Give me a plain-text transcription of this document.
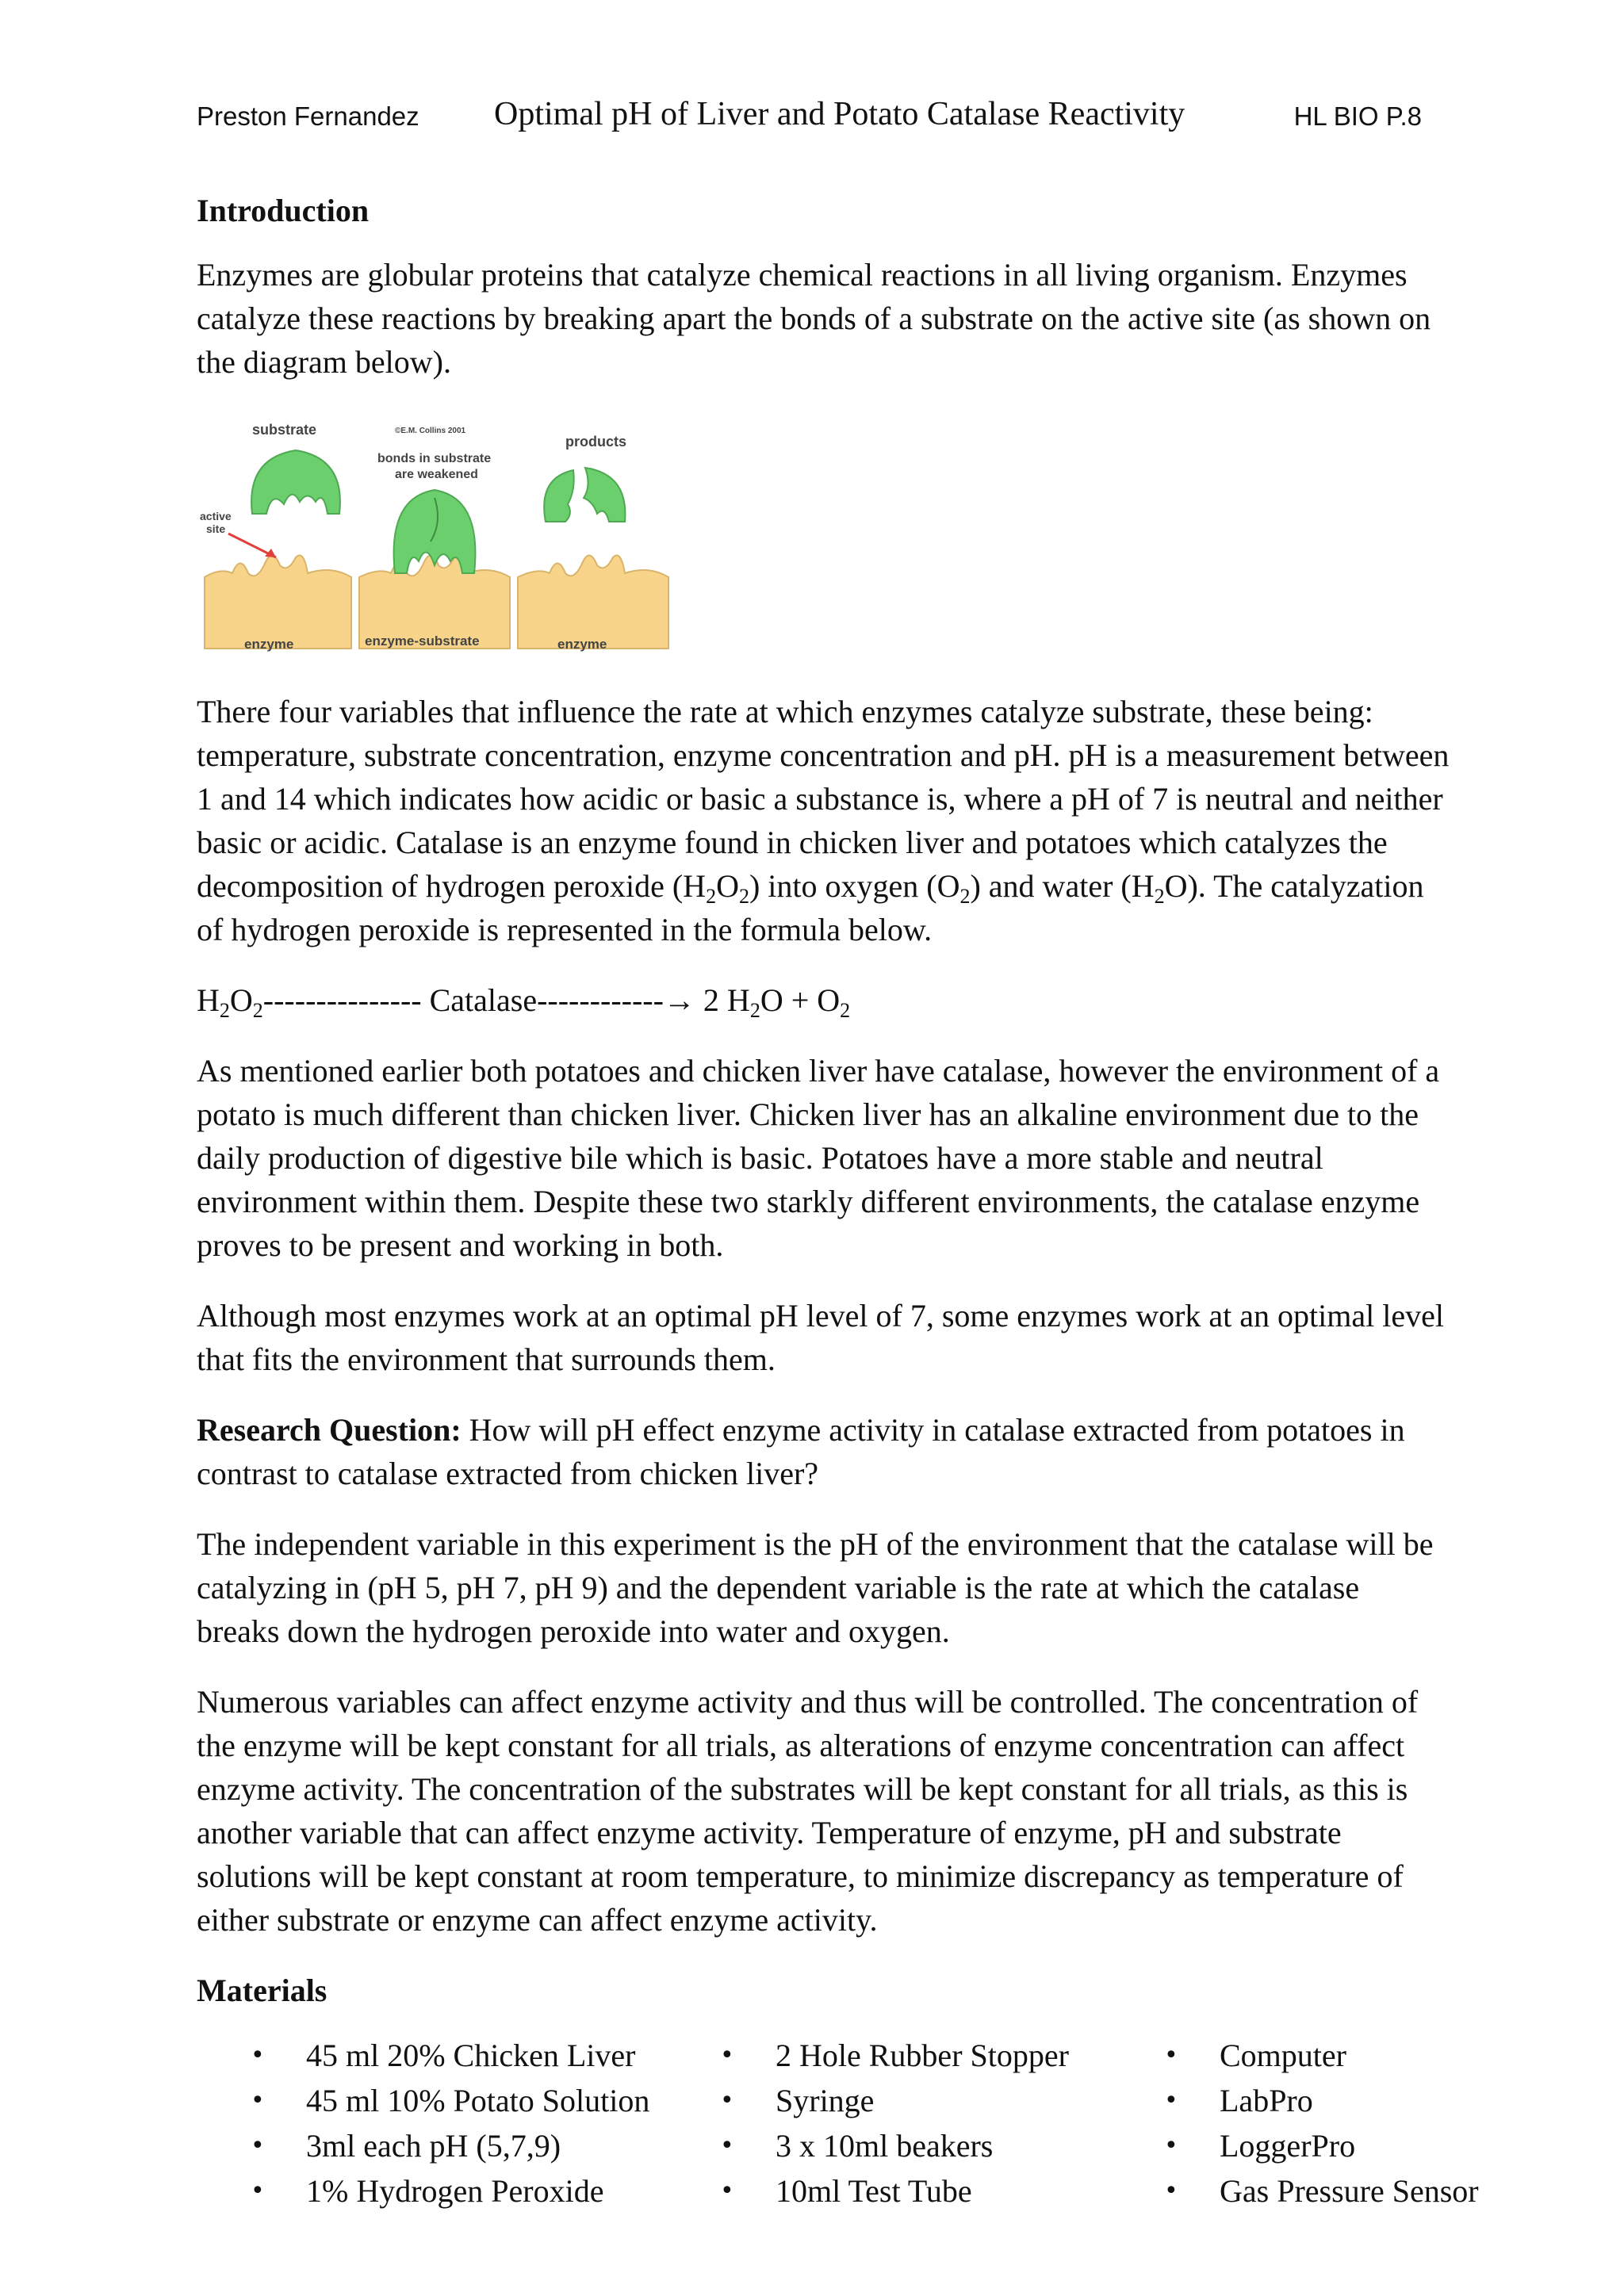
Preston Fernandez Optimal pH of Liver and Potato Catalase Reactivity	HL BIO P.8
Introduction

Enzymes are globular proteins that catalyze chemical reactions in all living organism. Enzymes catalyze these reactions by breaking apart the bonds of a substrate on the active site (as shown on the diagram below).

substrate	©E.M. Collins 2001
bonds in substrate
are weakened
products
active
site
enzyme	enzyme-substrate	enzyme

There four variables that influence the rate at which enzymes catalyze substrate, these being: temperature, substrate concentration, enzyme concentration and pH. pH is a measurement between 1 and 14 which indicates how acidic or basic a substance is, where a pH of 7 is neutral and neither basic or acidic. Catalase is an enzyme found in chicken liver and potatoes which catalyzes the decomposition of hydrogen peroxide $(H_2O_2)$ into oxygen $(O_2)$ and water $(H_2O)$. The catalyzation of hydrogen peroxide is represented in the formula below.

$H_2O_2---------------$ Catalase------------→ 2 $H_2O + O_2$

As mentioned earlier both potatoes and chicken liver have catalase, however the environment of a potato is much different than chicken liver. Chicken liver has an alkaline environment due to the daily production of digestive bile which is basic. Potatoes have a more stable and neutral environment within them. Despite these two starkly different environments, the catalase enzyme proves to be present and working in both.

Although most enzymes work at an optimal pH level of 7, some enzymes work at an optimal level that fits the environment that surrounds them.

Research Question: How will pH effect enzyme activity in catalase extracted from potatoes in contrast to catalase extracted from chicken liver?

The independent variable in this experiment is the pH of the environment that the catalase will be catalyzing in (pH 5, pH 7, pH 9) and the dependent variable is the rate at which the catalase breaks down the hydrogen peroxide into water and oxygen.

Numerous variables can affect enzyme activity and thus will be controlled. The concentration of the enzyme will be kept constant for all trials, as alterations of enzyme concentration can affect enzyme activity. The concentration of the substrates will be kept constant for all trials, as this is another variable that can affect enzyme activity. Temperature of enzyme, pH and substrate solutions will be kept constant at room temperature, to minimize discrepancy as temperature of either substrate or enzyme can affect enzyme activity.

Materials
• 45 ml 20% Chicken Liver
• 45 ml 10% Potato Solution
• 3ml each pH (5,7,9)
• 1% Hydrogen Peroxide
• 2 Hole Rubber Stopper
• Syringe
• 3 x 10ml beakers
• 10ml Test Tube
• Computer
• LabPro
• LoggerPro
• Gas Pressure Sensor
